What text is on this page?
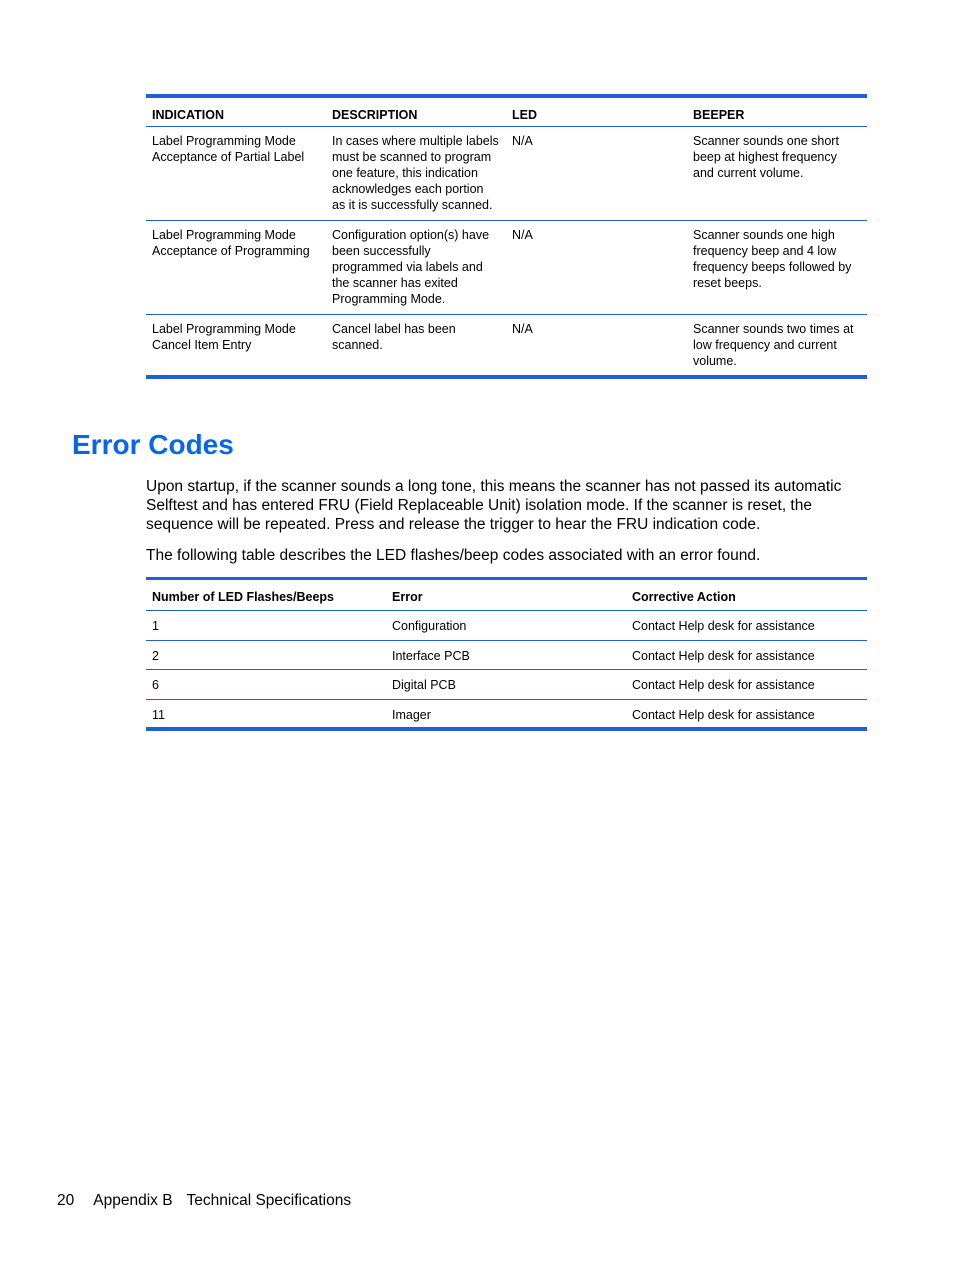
INDICATION	DESCRIPTION	LED	BEEPER
Label Programming Mode Acceptance of Partial Label	In cases where multiple labels must be scanned to program one feature, this indication acknowledges each portion as it is successfully scanned.	N/A	Scanner sounds one short beep at highest frequency and current volume.
Label Programming Mode Acceptance of Programming	Configuration option(s) have been successfully programmed via labels and the scanner has exited Programming Mode.	N/A	Scanner sounds one high frequency beep and 4 low frequency beeps followed by reset beeps.
Label Programming Mode Cancel Item Entry	Cancel label has been scanned.	N/A	Scanner sounds two times at low frequency and current volume.
Error Codes

Upon startup, if the scanner sounds a long tone, this means the scanner has not passed its automatic Selftest and has entered FRU (Field Replaceable Unit) isolation mode. If the scanner is reset, the sequence will be repeated. Press and release the trigger to hear the FRU indication code.

The following table describes the LED flashes/beep codes associated with an error found.

Number of LED Flashes/Beeps	Error	Corrective Action
1	Configuration	Contact Help desk for assistance
2	Interface PCB	Contact Help desk for assistance
6	Digital PCB	Contact Help desk for assistance
11	Imager	Contact Help desk for assistance
20 Appendix B Technical Specifications
